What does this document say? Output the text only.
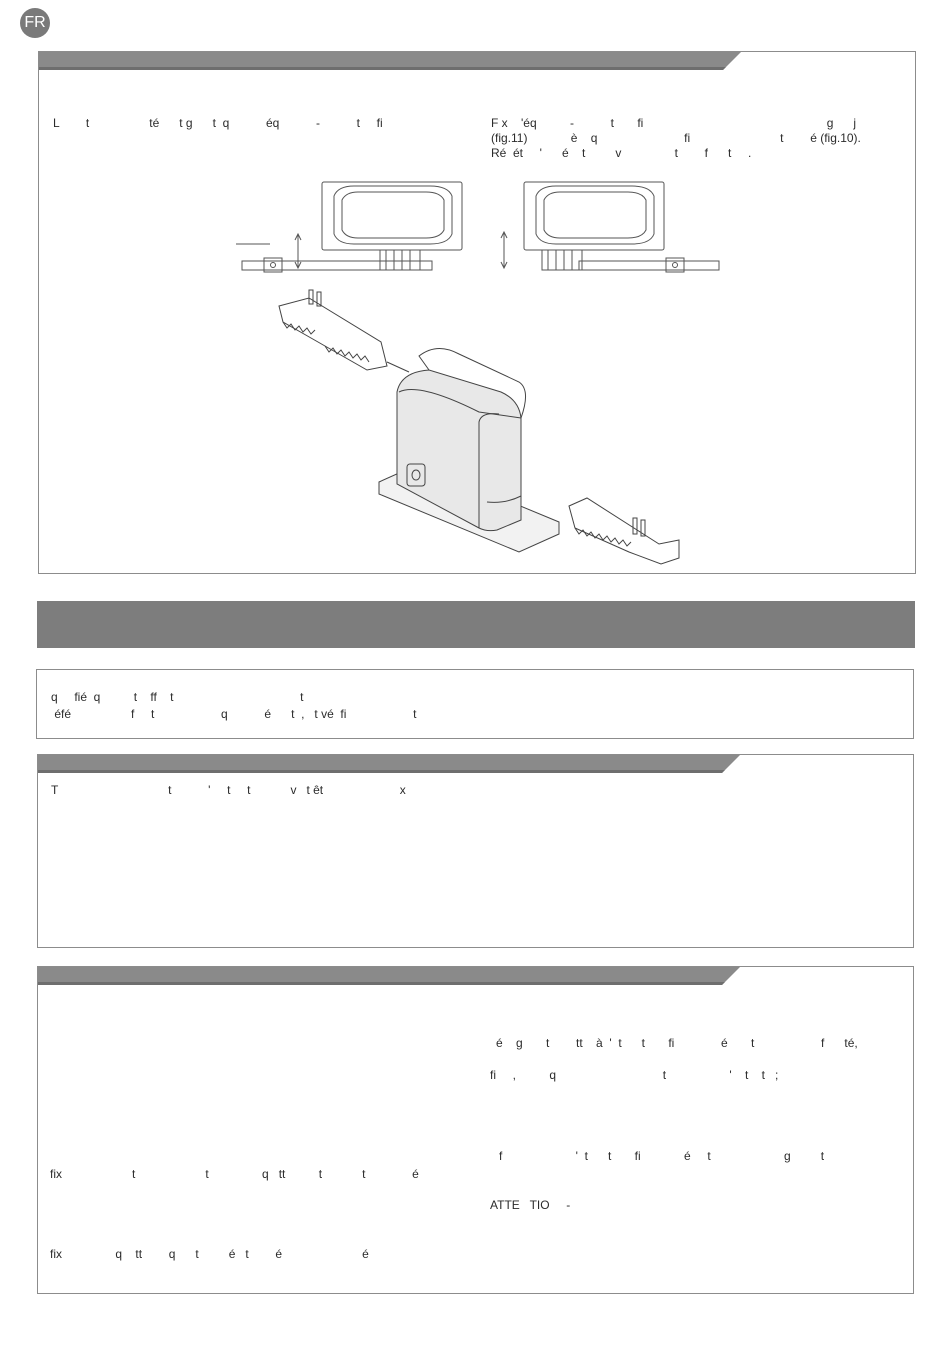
FR
L        t                  té      t g      t  q           éq           -           t     fi	F x    'éq          -           t       fi                                                       g      j
(fig.11)             è    q                          fi                           t        é (fig.10).
Ré  ét     '      é    t         v                t        f      t     .
q     fié  q          t    ff    t                                      t
éfé                  f     t                    q           é      t  ,   t vé  fi                    t
T                                 t           '     t     t            v   t êt                       x
é    g       t        tt    à  '  t      t       fi              é       t                    f      té,
fi     ,          q                                t                   '    t    t   ;
fix                     t                     t                q   tt          t            t              é
f                      '  t      t       fi             é     t                      g         t
ATTE   TIO     -
fix                q    tt        q      t         é   t        é                        é
